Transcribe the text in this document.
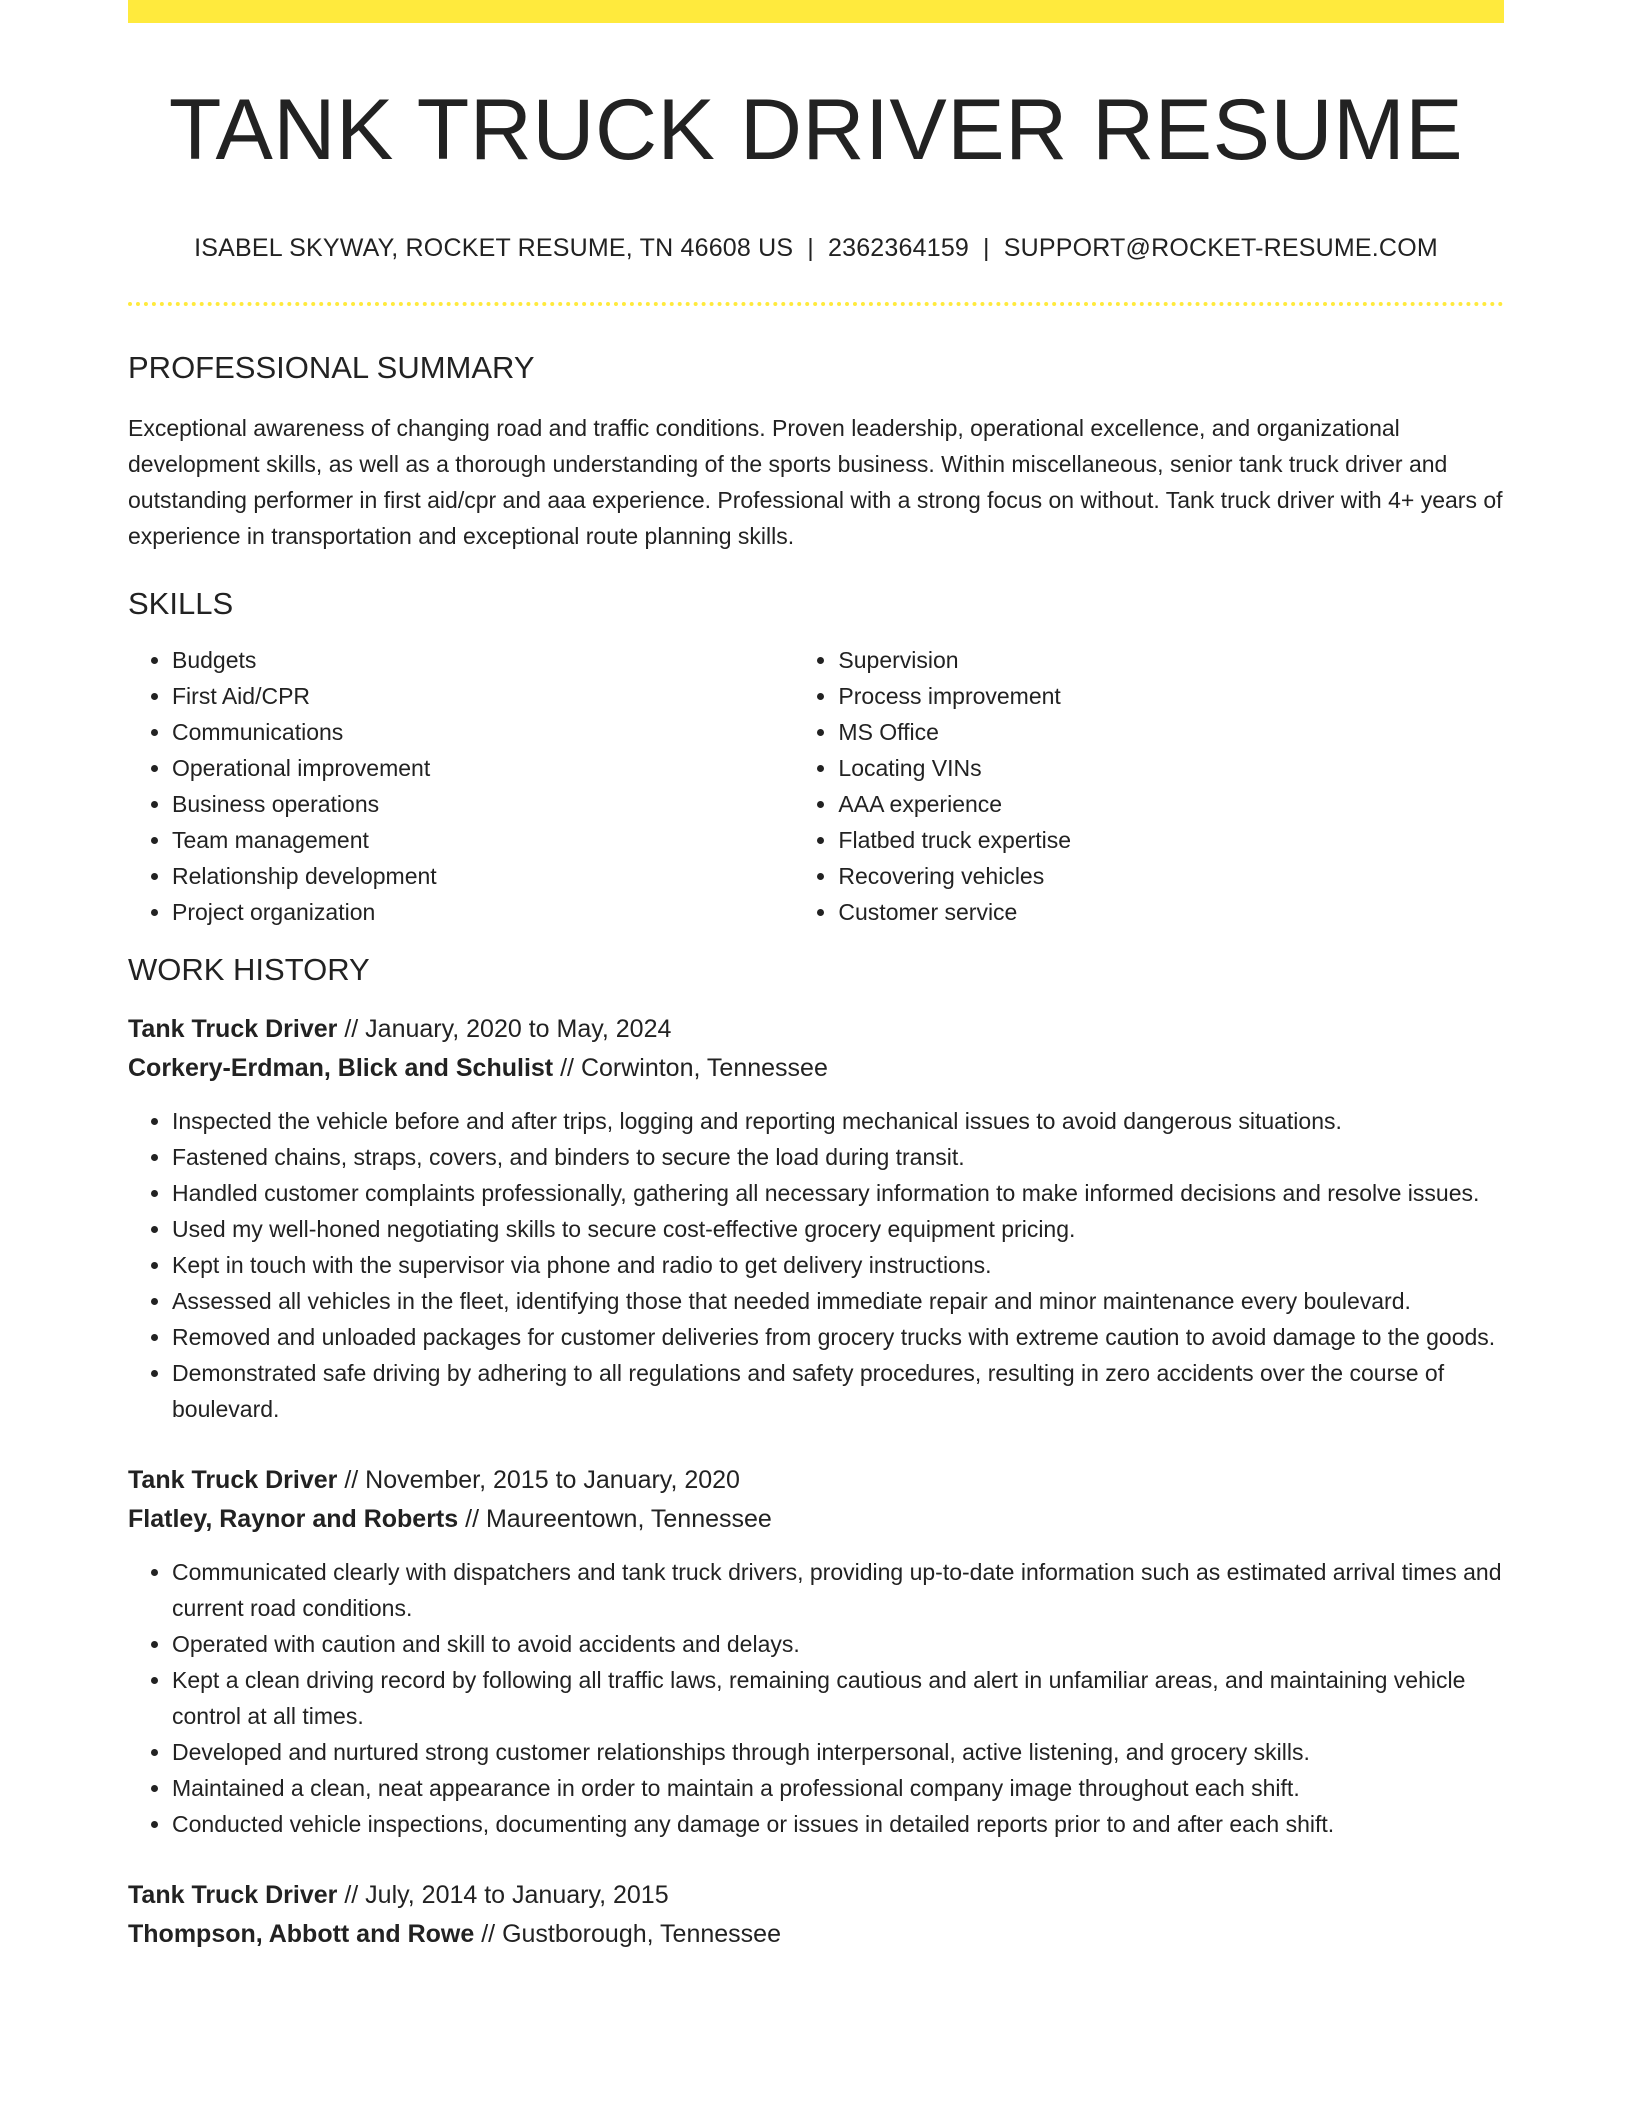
TANK TRUCK DRIVER RESUME
ISABEL SKYWAY, ROCKET RESUME, TN 46608 US | 2362364159 | SUPPORT@ROCKET-RESUME.COM
PROFESSIONAL SUMMARY
Exceptional awareness of changing road and traffic conditions. Proven leadership, operational excellence, and organizational development skills, as well as a thorough understanding of the sports business. Within miscellaneous, senior tank truck driver and outstanding performer in first aid/cpr and aaa experience. Professional with a strong focus on without. Tank truck driver with 4+ years of experience in transportation and exceptional route planning skills.
SKILLS
• Budgets
• First Aid/CPR
• Communications
• Operational improvement
• Business operations
• Team management
• Relationship development
• Project organization
• Supervision
• Process improvement
• MS Office
• Locating VINs
• AAA experience
• Flatbed truck expertise
• Recovering vehicles
• Customer service
WORK HISTORY
Tank Truck Driver // January, 2020 to May, 2024
Corkery-Erdman, Blick and Schulist // Corwinton, Tennessee
• Inspected the vehicle before and after trips, logging and reporting mechanical issues to avoid dangerous situations.
• Fastened chains, straps, covers, and binders to secure the load during transit.
• Handled customer complaints professionally, gathering all necessary information to make informed decisions and resolve issues.
• Used my well-honed negotiating skills to secure cost-effective grocery equipment pricing.
• Kept in touch with the supervisor via phone and radio to get delivery instructions.
• Assessed all vehicles in the fleet, identifying those that needed immediate repair and minor maintenance every boulevard.
• Removed and unloaded packages for customer deliveries from grocery trucks with extreme caution to avoid damage to the goods.
• Demonstrated safe driving by adhering to all regulations and safety procedures, resulting in zero accidents over the course of boulevard.
Tank Truck Driver // November, 2015 to January, 2020
Flatley, Raynor and Roberts // Maureentown, Tennessee
• Communicated clearly with dispatchers and tank truck drivers, providing up-to-date information such as estimated arrival times and current road conditions.
• Operated with caution and skill to avoid accidents and delays.
• Kept a clean driving record by following all traffic laws, remaining cautious and alert in unfamiliar areas, and maintaining vehicle control at all times.
• Developed and nurtured strong customer relationships through interpersonal, active listening, and grocery skills.
• Maintained a clean, neat appearance in order to maintain a professional company image throughout each shift.
• Conducted vehicle inspections, documenting any damage or issues in detailed reports prior to and after each shift.
Tank Truck Driver // July, 2014 to January, 2015
Thompson, Abbott and Rowe // Gustborough, Tennessee
